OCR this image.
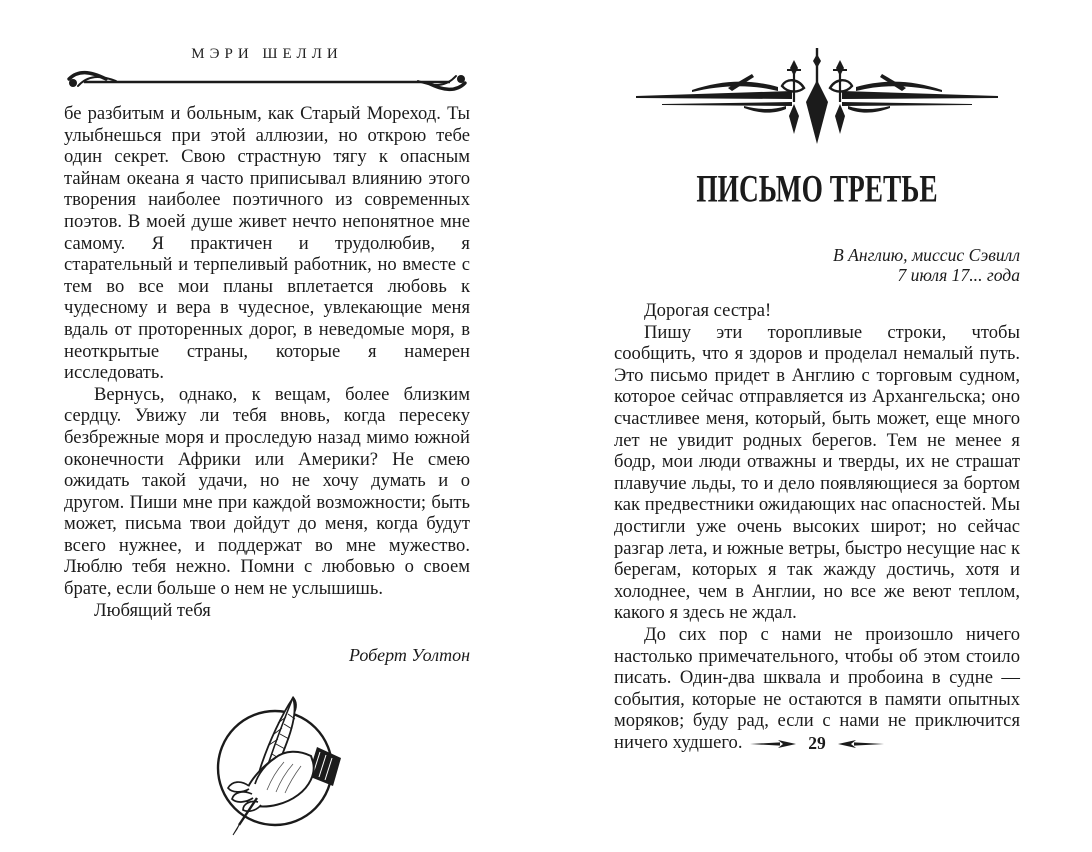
МЭРИ ШЕЛЛИ

бе разбитым и больным, как Старый Мореход. Ты улыбнешься при этой аллюзии, но открою тебе один секрет. Свою страстную тягу к опасным тайнам океана я часто приписывал влиянию этого творения наиболее поэтичного из современных поэтов. В моей душе живет нечто непонятное мне самому. Я практичен и трудолюбив, я старательный и терпеливый работник, но вместе с тем во все мои планы вплетается любовь к чудесному и вера в чудесное, увлекающие меня вдаль от проторенных дорог, в неведомые моря, в неоткрытые страны, которые я намерен исследовать.

Вернусь, однако, к вещам, более близким сердцу. Увижу ли тебя вновь, когда пересеку безбрежные моря и проследую назад мимо южной оконечности Африки или Америки? Не смею ожидать такой удачи, но не хочу думать и о другом. Пиши мне при каждой возможности; быть может, письма твои дойдут до меня, когда будут всего нужнее, и поддержат во мне мужество. Люблю тебя нежно. Помни с любовью о своем брате, если больше о нем не услышишь.

Любящий тебя

Роберт Уолтон
ПИСЬМО ТРЕТЬЕ
В Англию, миссис Сэвилл
7 июля 17... года

Дорогая сестра!

Пишу эти торопливые строки, чтобы сообщить, что я здоров и проделал немалый путь. Это письмо придет в Англию с торговым судном, которое сейчас отправляется из Архангельска; оно счастливее меня, который, быть может, еще много лет не увидит родных берегов. Тем не менее я бодр, мои люди отважны и тверды, их не страшат плавучие льды, то и дело появляющиеся за бортом как предвестники ожидающих нас опасностей. Мы достигли уже очень высоких широт; но сейчас разгар лета, и южные ветры, быстро несущие нас к берегам, которых я так жажду достичь, хотя и холоднее, чем в Англии, но все же веют теплом, какого я здесь не ждал.

До сих пор с нами не произошло ничего настолько примечательного, чтобы об этом стоило писать. Один-два шквала и пробоина в судне — события, которые не остаются в памяти опытных моряков; буду рад, если с нами не приключится ничего худшего.	29
